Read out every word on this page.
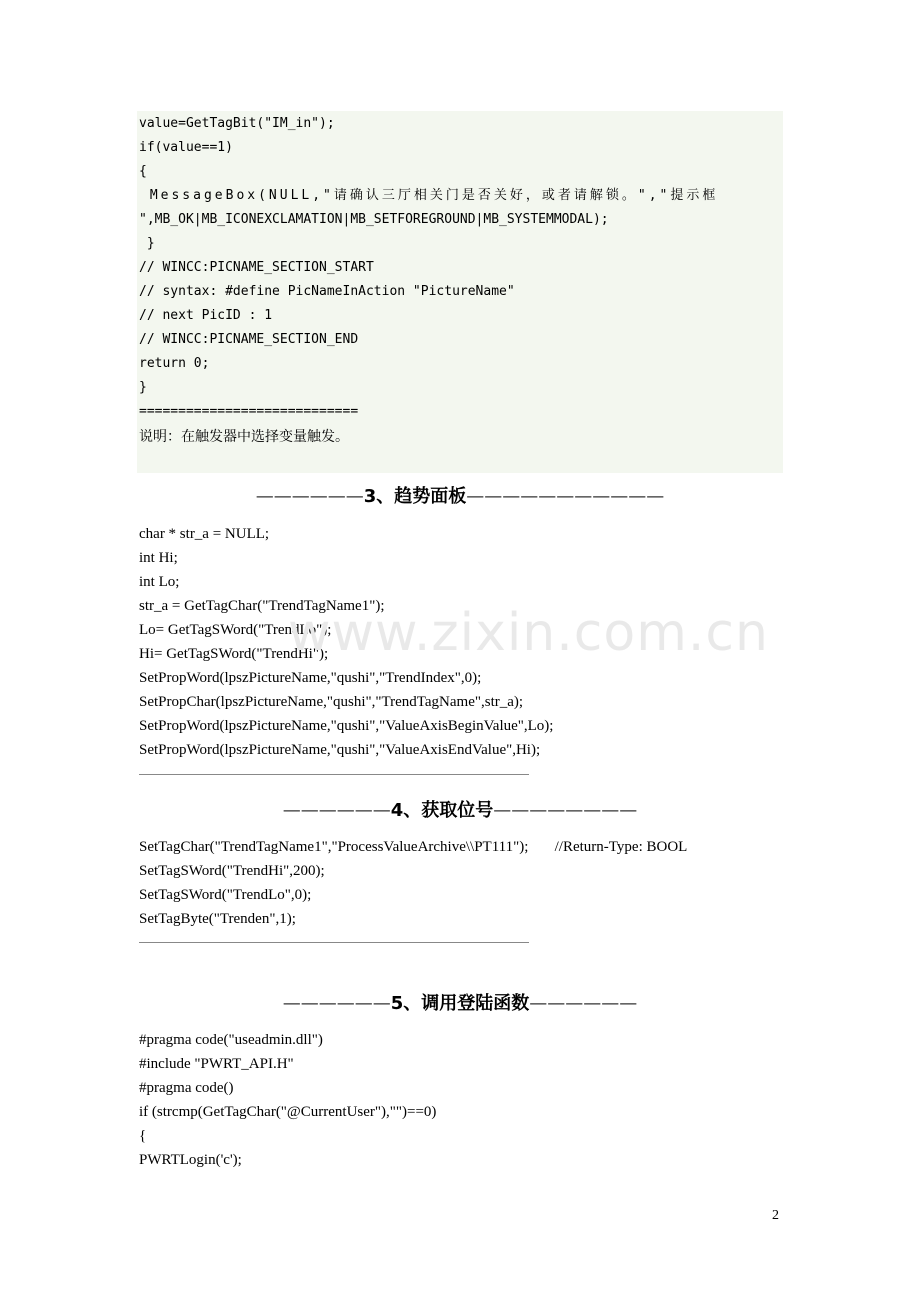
value=GetTagBit("IM_in");
if(value==1)
{
MessageBox(NULL,"请确认三厅相关门是否关好，或者请解锁。","提示框
",MB_OK|MB_ICONEXCLAMATION|MB_SETFOREGROUND|MB_SYSTEMMODAL);
}
// WINCC:PICNAME_SECTION_START
// syntax: #define PicNameInAction "PictureName"
// next PicID : 1
// WINCC:PICNAME_SECTION_END
return 0;
}
============================
说明：在触发器中选择变量触发。
——————3、趋势面板———————————
char * str_a = NULL;
int Hi;
int Lo;
str_a = GetTagChar("TrendTagName1");
Lo= GetTagSWord("TrendLo");
Hi= GetTagSWord("TrendHi");
SetPropWord(lpszPictureName,"qushi","TrendIndex",0);
SetPropChar(lpszPictureName,"qushi","TrendTagName",str_a);
SetPropWord(lpszPictureName,"qushi","ValueAxisBeginValue",Lo);
SetPropWord(lpszPictureName,"qushi","ValueAxisEndValue",Hi);
——————4、获取位号————————
SetTagChar("TrendTagName1","ProcessValueArchive\\PT111");       //Return-Type: BOOL
SetTagSWord("TrendHi",200);
SetTagSWord("TrendLo",0);
SetTagByte("Trenden",1);
——————5、调用登陆函数——————
#pragma code("useadmin.dll")
#include "PWRT_API.H"
#pragma code()
if (strcmp(GetTagChar("@CurrentUser"),"")==0)
{
PWRTLogin('c');
www.zixin.com.cn
2
